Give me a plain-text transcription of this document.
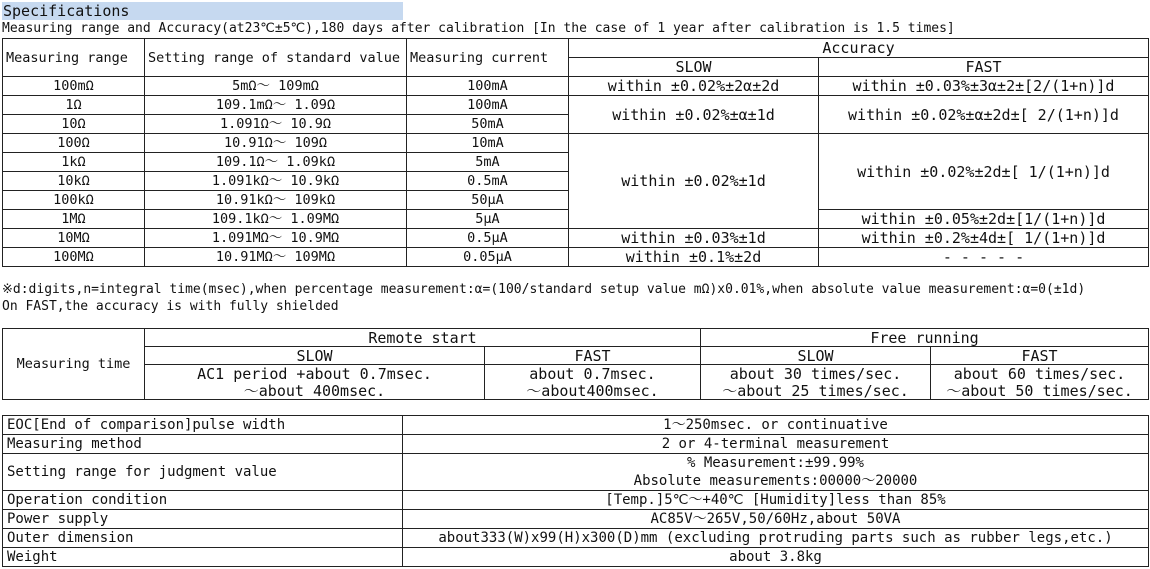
Specifications
Measuring range and Accuracy(at23℃±5℃),180 days after calibration [In the case of 1 year after calibration is 1.5 times]
Measuring range	Setting range of standard value	Measuring current	Accuracy	
			SLOW	FAST
100mΩ	5mΩ～ 109mΩ	100mA	within ±0.02%±2α±2d	within ±0.03%±3α±2±[2/(1+n)]d
1Ω	109.1mΩ～ 1.09Ω	100mA	within ±0.02%±α±1d	within ±0.02%±α±2d±[ 2/(1+n)]d
10Ω	1.091Ω～ 10.9Ω	50mA		
100Ω	10.91Ω～ 109Ω	10mA	within ±0.02%±1d	within ±0.02%±2d±[ 1/(1+n)]d
1kΩ	109.1Ω～ 1.09kΩ	5mA		
10kΩ	1.091kΩ～ 10.9kΩ	0.5mA		
100kΩ	10.91kΩ～ 109kΩ	50μA		
1MΩ	109.1kΩ～ 1.09MΩ	5μA		within ±0.05%±2d±[1/(1+n)]d
10MΩ	1.091MΩ～ 10.9MΩ	0.5μA	within ±0.03%±1d	within ±0.2%±4d±[ 1/(1+n)]d
100MΩ	10.91MΩ～ 109MΩ	0.05μA	within ±0.1%±2d	- - - - -
※d:digits,n=integral time(msec),when percentage measurement:α=(100/standard setup value mΩ)x0.01%,when absolute value measurement:α=0(±1d)
On FAST,the accuracy is with fully shielded
Measuring time	Remote start		Free running	
	SLOW	FAST	SLOW	FAST
	AC1 period +about 0.7msec.	about 0.7msec.	about 30 times/sec.	about 60 times/sec.
	～about 400msec.	～about400msec.	～about 25 times/sec.	～about 50 times/sec.
EOC[End of comparison]pulse width	1～250msec. or continuative
Measuring method	2 or 4-terminal measurement
Setting range for judgment value	% Measurement:±99.99%
	Absolute measurements:00000～20000
Operation condition	[Temp.]5℃～+40℃ [Humidity]less than 85%
Power supply	AC85V～265V,50/60Hz,about 50VA
Outer dimension	about333(W)x99(H)x300(D)mm (excluding protruding parts such as rubber legs,etc.)
Weight	about 3.8kg
